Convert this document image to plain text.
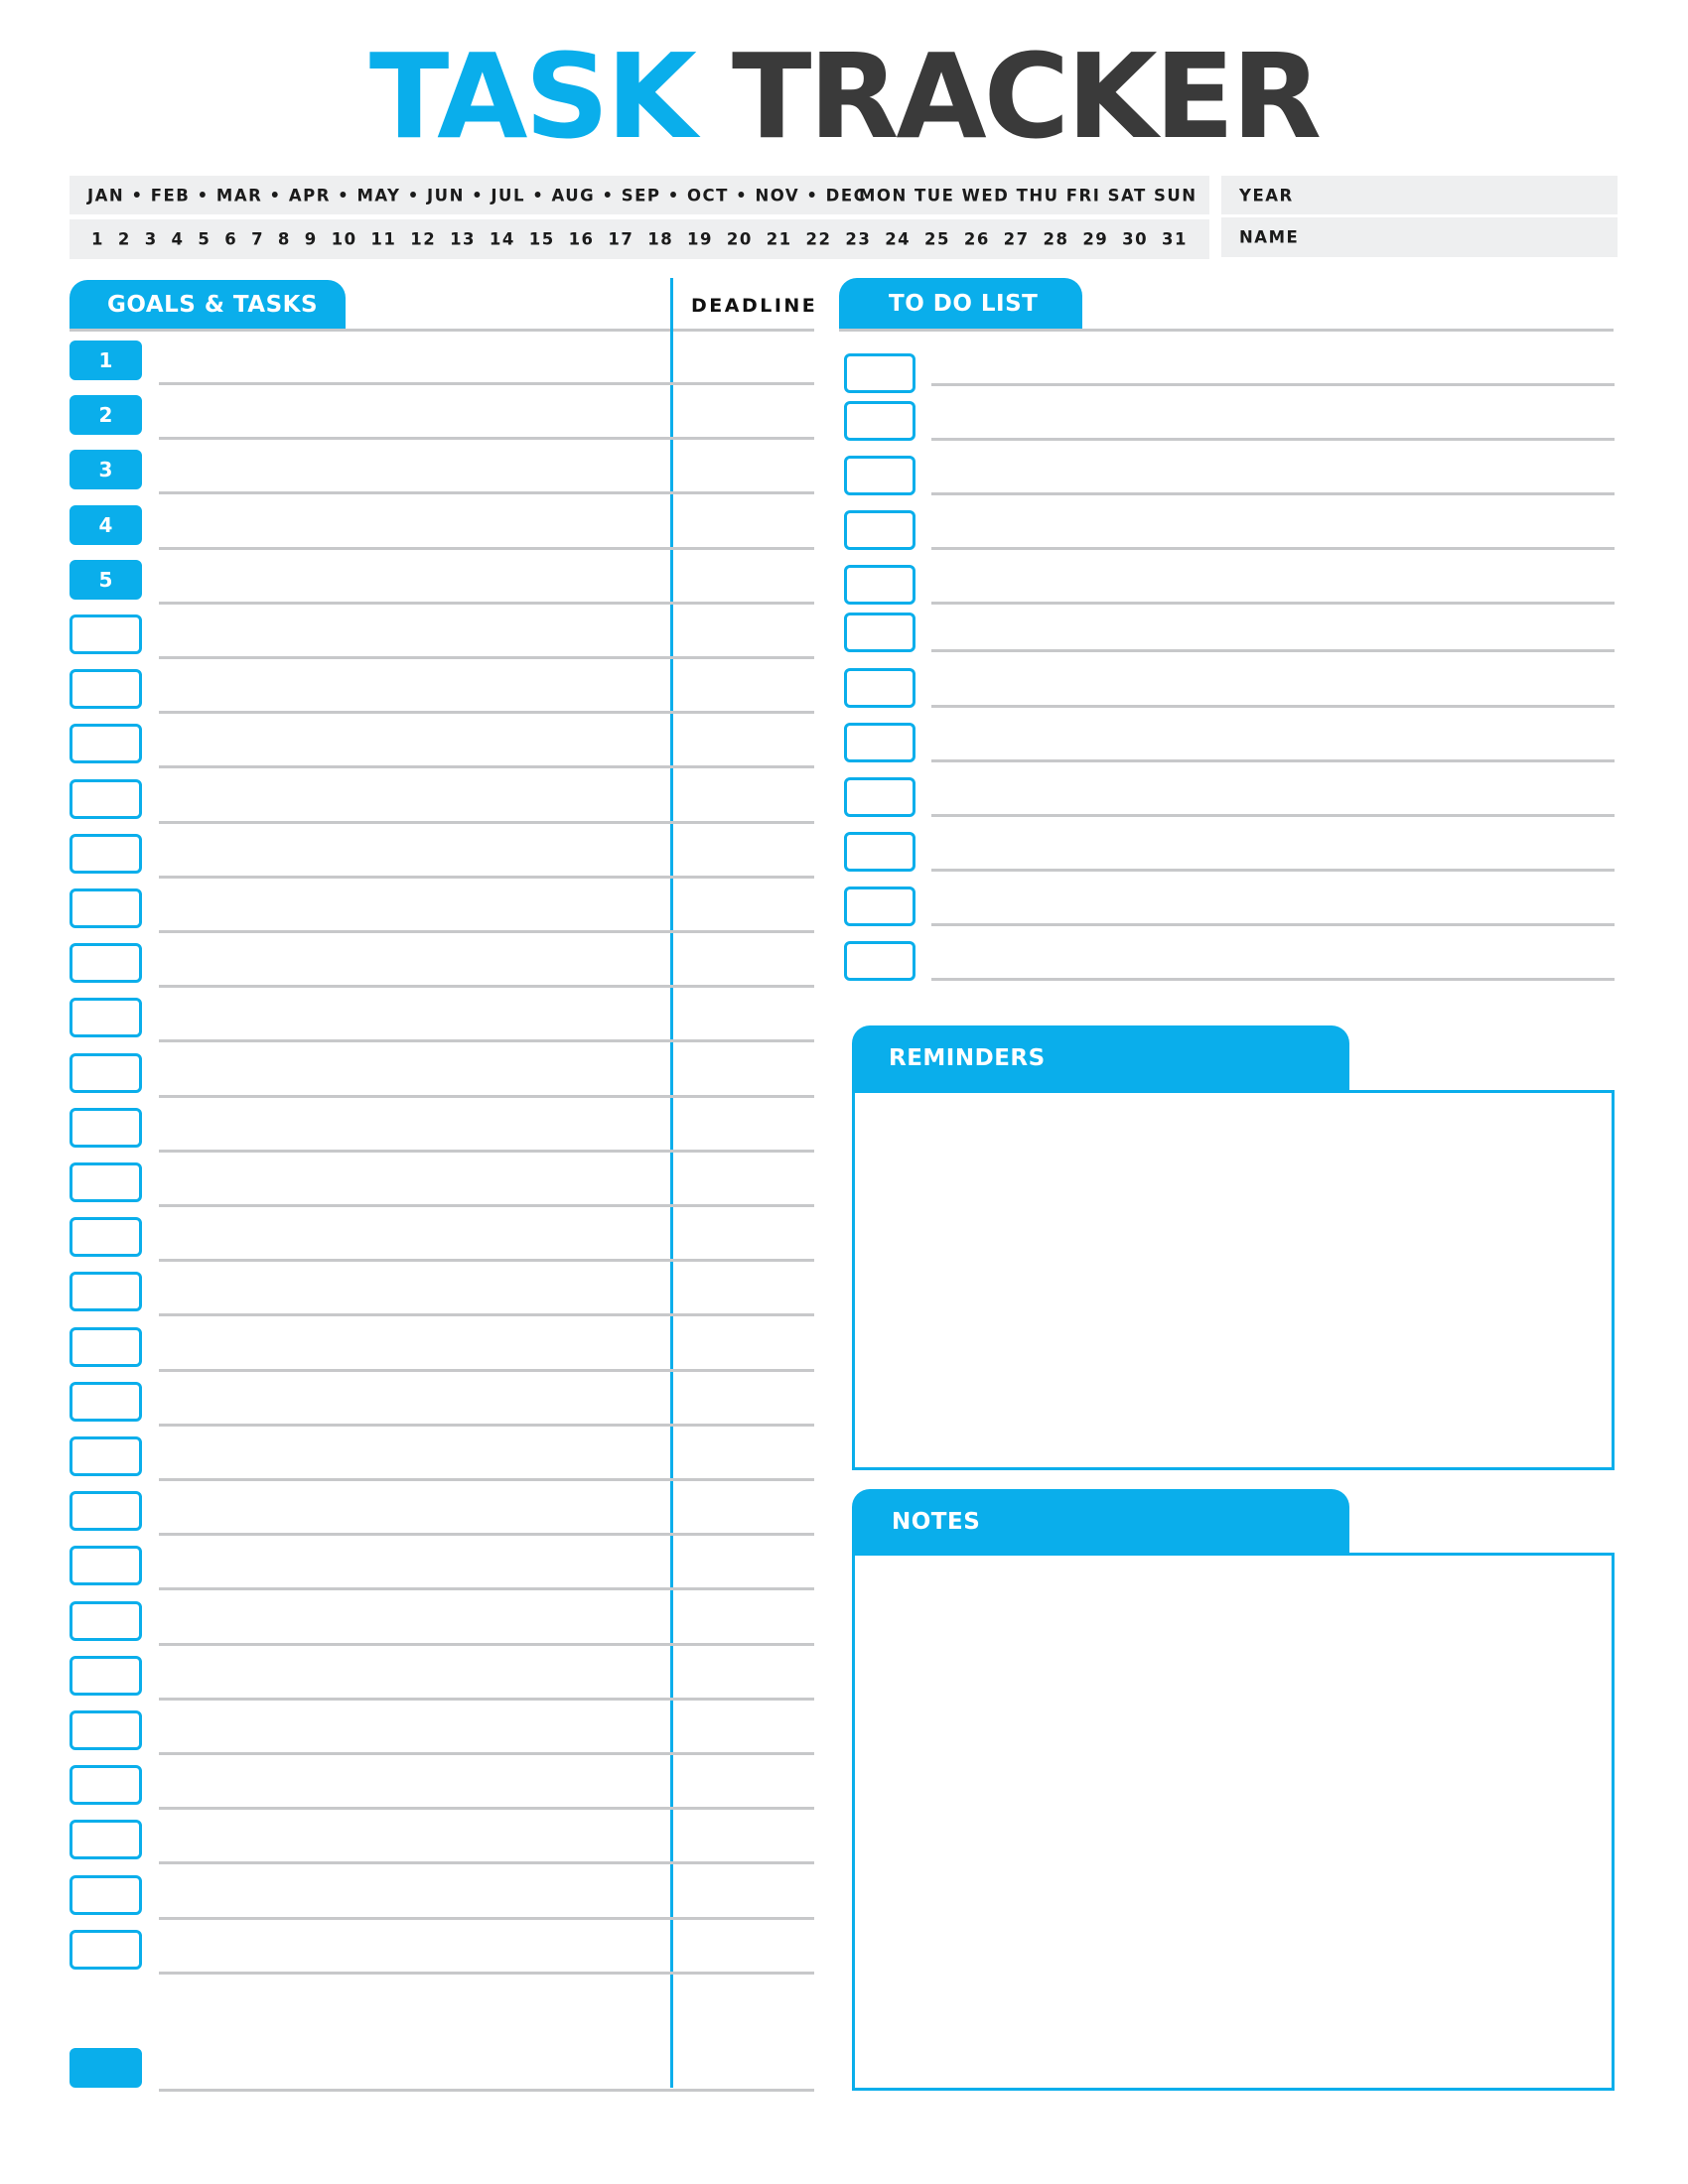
TASK TRACKER
JAN • FEB • MAR • APR • MAY • JUN • JUL • AUG • SEP • OCT • NOV • DEC
MON TUE WED THU FRI SAT SUN
1 2 3 4 5 6 7 8 9 10 11 12 13 14 15 16 17 18 19 20 21 22 23 24 25 26 27 28 29 30 31
YEAR
NAME
GOALS & TASKS	DEADLINE
1
2
3
4
5
TO DO LIST
REMINDERS
NOTES
